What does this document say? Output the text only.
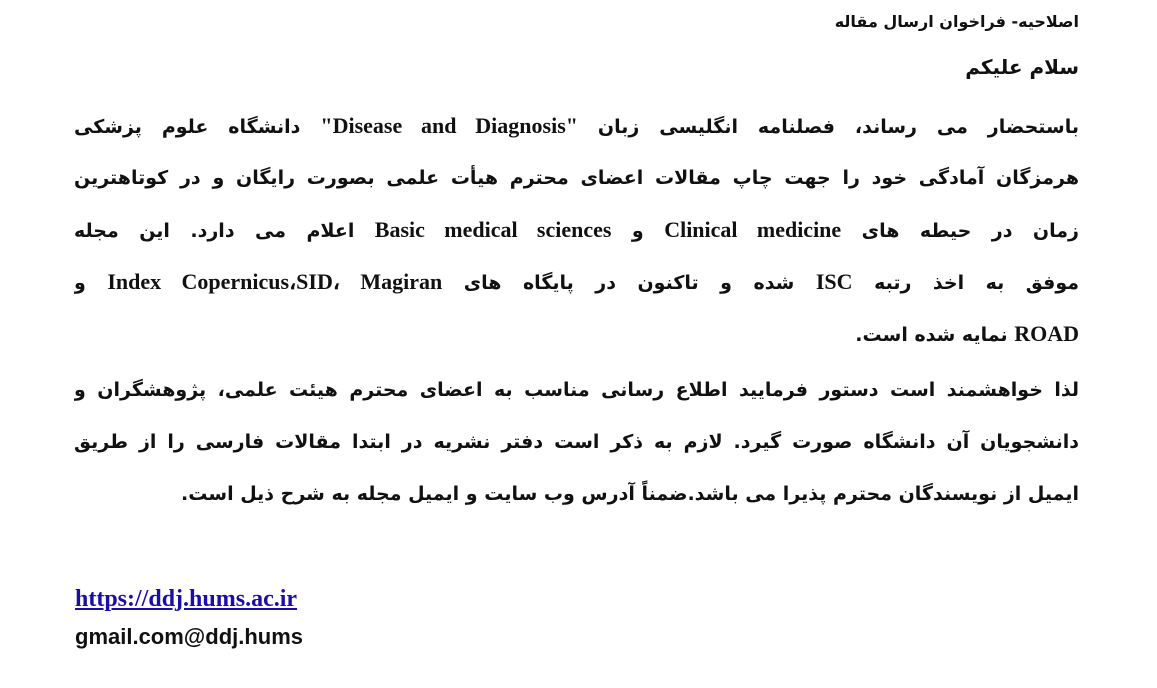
اصلاحیه- فراخوان ارسال مقاله
سلام علیکم
باستحضار می رساند، فصلنامه انگلیسی زبان "Disease and Diagnosis" دانشگاه علوم پزشکی
هرمزگان آمادگی خود را جهت چاپ مقالات اعضای محترم هیأت علمی بصورت رایگان و در کوتاهترین
زمان در حیطه های Clinical medicine و Basic medical sciences اعلام می دارد. این مجله
موفق به اخذ رتبه ISC شده و تاکنون در پایگاه های Index Copernicus،SID، Magiran و
ROAD نمایه شده است.
لذا خواهشمند است دستور فرمایید اطلاع رسانی مناسب به اعضای محترم هیئت علمی، پژوهشگران و
دانشجویان آن دانشگاه صورت گیرد. لازم به ذکر است دفتر نشریه در ابتدا مقالات فارسی را از طریق
ایمیل از نویسندگان محترم پذیرا می باشد.ضمناً آدرس وب سایت و ایمیل مجله به شرح ذیل است.
https://ddj.hums.ac.ir
gmail.com@ddj.hums
